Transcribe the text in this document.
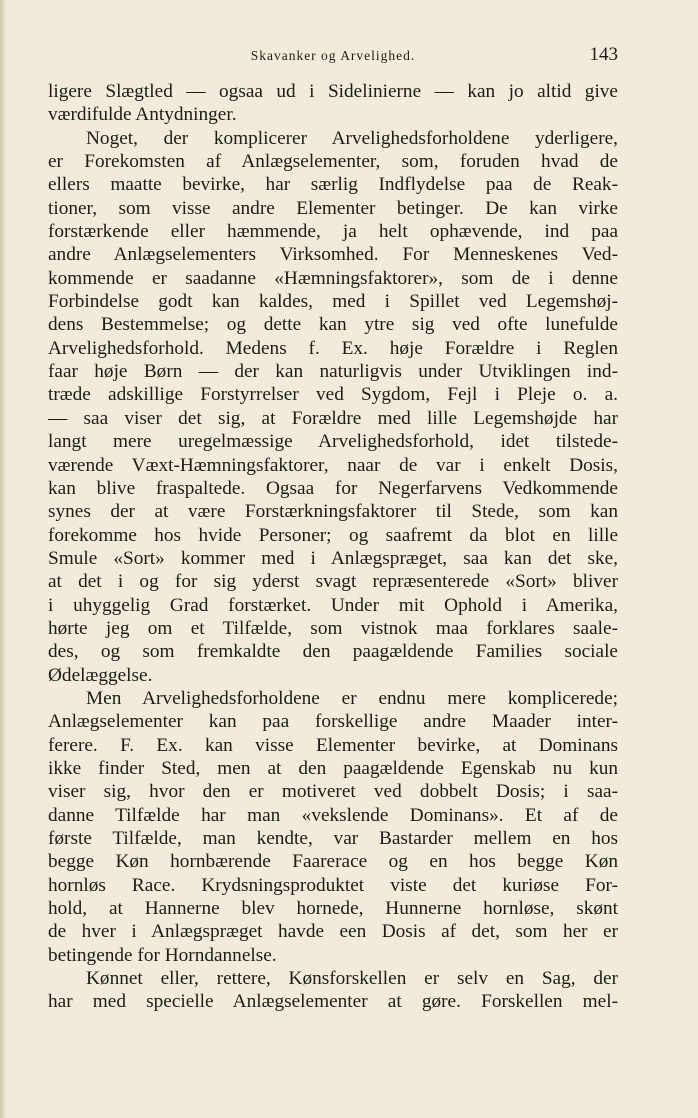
Skavanker og Arvelighed.	143
ligere Slægtled — ogsaa ud i Sidelinierne — kan jo altid give
værdifulde Antydninger.
Noget, der komplicerer Arvelighedsforholdene yderligere,
er Forekomsten af Anlægselementer, som, foruden hvad de
ellers maatte bevirke, har særlig Indflydelse paa de Reak-
tioner, som visse andre Elementer betinger. De kan virke
forstærkende eller hæmmende, ja helt ophævende, ind paa
andre Anlægselementers Virksomhed. For Menneskenes Ved-
kommende er saadanne «Hæmningsfaktorer», som de i denne
Forbindelse godt kan kaldes, med i Spillet ved Legemshøj-
dens Bestemmelse; og dette kan ytre sig ved ofte lunefulde
Arvelighedsforhold. Medens f. Ex. høje Forældre i Reglen
faar høje Børn — der kan naturligvis under Utviklingen ind-
træde adskillige Forstyrrelser ved Sygdom, Fejl i Pleje o. a.
— saa viser det sig, at Forældre med lille Legemshøjde har
langt mere uregelmæssige Arvelighedsforhold, idet tilstede-
værende Væxt-Hæmningsfaktorer, naar de var i enkelt Dosis,
kan blive fraspaltede. Ogsaa for Negerfarvens Vedkommende
synes der at være Forstærkningsfaktorer til Stede, som kan
forekomme hos hvide Personer; og saafremt da blot en lille
Smule «Sort» kommer med i Anlægspræget, saa kan det ske,
at det i og for sig yderst svagt repræsenterede «Sort» bliver
i uhyggelig Grad forstærket. Under mit Ophold i Amerika,
hørte jeg om et Tilfælde, som vistnok maa forklares saale-
des, og som fremkaldte den paagældende Families sociale
Ødelæggelse.
Men Arvelighedsforholdene er endnu mere komplicerede;
Anlægselementer kan paa forskellige andre Maader inter-
ferere. F. Ex. kan visse Elementer bevirke, at Dominans
ikke finder Sted, men at den paagældende Egenskab nu kun
viser sig, hvor den er motiveret ved dobbelt Dosis; i saa-
danne Tilfælde har man «vekslende Dominans». Et af de
første Tilfælde, man kendte, var Bastarder mellem en hos
begge Køn hornbærende Faarerace og en hos begge Køn
hornløs Race. Krydsningsproduktet viste det kuriøse For-
hold, at Hannerne blev hornede, Hunnerne hornløse, skønt
de hver i Anlægspræget havde een Dosis af det, som her er
betingende for Horndannelse.
Kønnet eller, rettere, Kønsforskellen er selv en Sag, der
har med specielle Anlægselementer at gøre. Forskellen mel-
